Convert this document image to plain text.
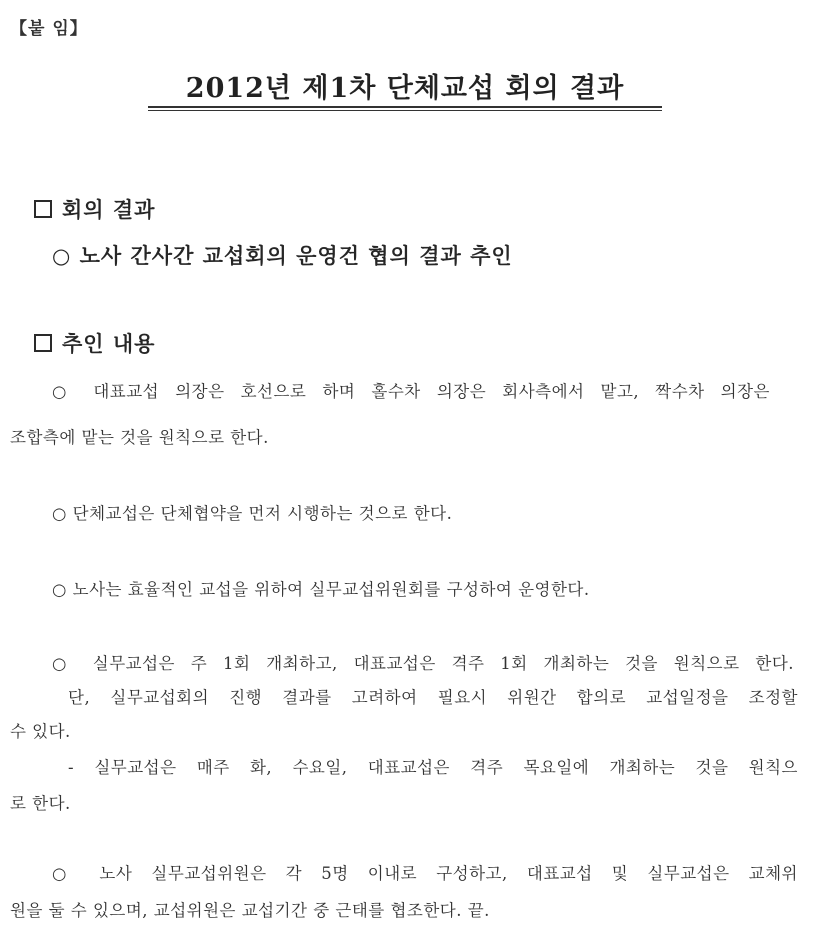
【붙 임】
2012년 제1차 단체교섭 회의 결과
회의 결과
○ 노사 간사간 교섭회의 운영건 협의 결과 추인
추인 내용
○ 대표교섭 의장은 호선으로 하며 홀수차 의장은 회사측에서 맡고, 짝수차 의장은
조합측에 맡는 것을 원칙으로 한다.
○ 단체교섭은 단체협약을 먼저 시행하는 것으로 한다.
○ 노사는 효율적인 교섭을 위하여 실무교섭위원회를 구성하여 운영한다.
○ 실무교섭은 주 1회 개최하고, 대표교섭은 격주 1회 개최하는 것을 원칙으로 한다.
단, 실무교섭회의 진행 결과를 고려하여 필요시 위원간 합의로 교섭일정을 조정할
수 있다.
- 실무교섭은 매주 화, 수요일, 대표교섭은 격주 목요일에 개최하는 것을 원칙으
로 한다.
○ 노사 실무교섭위원은 각 5명 이내로 구성하고, 대표교섭 및 실무교섭은 교체위
원을 둘 수 있으며, 교섭위원은 교섭기간 중 근태를 협조한다. 끝.
